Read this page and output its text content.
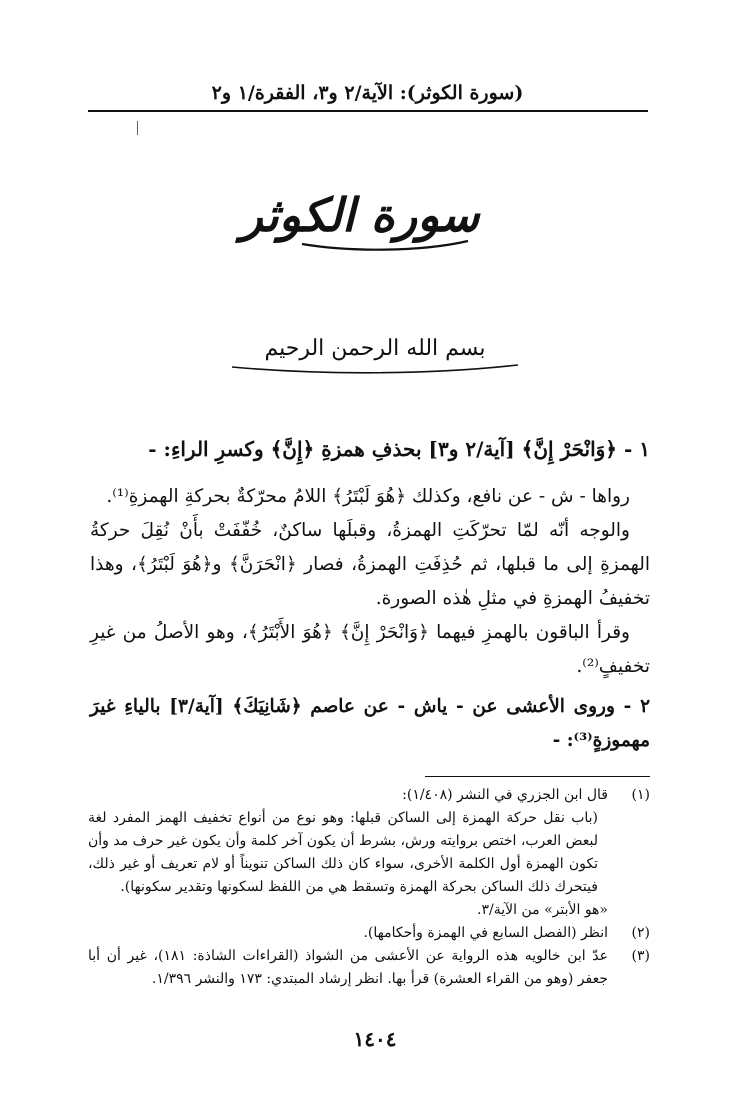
(سورة الكوثر): الآية/٢ و٣، الفقرة/١ و٢
سورة الكوثر
بسم الله الرحمن الرحيم

١ - ﴿وَانْحَرْ إِنَّ﴾ [آية/٢ و٣] بحذفِ همزةِ ﴿إِنَّ﴾ وكسرِ الراءِ: -

رواها - ش - عن نافع، وكذلك ﴿هُوَ لَبْتَرُ﴾ اللامُ محرّكةٌ بحركةِ الهمزةِ⁽¹⁾.

والوجه أنّه لمّا تحرّكَتِ الهمزةُ، وقبلَها ساكنٌ، خُفّفَتْ بأَنْ نُقِلَ حركةُ الهمزةِ إلى ما قبلها، ثم حُذِفَتِ الهمزةُ، فصار ﴿انْحَرَنَّ﴾ و﴿هُوَ لَبْتَرُ﴾، وهذا تخفيفُ الهمزةِ في مثلِ هٰذه الصورة.

وقرأ الباقون بالهمزِ فيهما ﴿وَانْحَرْ إِنَّ﴾ ﴿هُوَ الأَبْتَرُ﴾، وهو الأصلُ من غيرِ تخفيفٍ⁽²⁾.

٢ - وروى الأعشى عن - ياش - عن عاصم ﴿شَانِيَكَ﴾ [آية/٣] بالياءِ غيرَ مهموزةٍ⁽³⁾: -

(١)
قال ابن الجزري في النشر (١/٤٠٨):
(باب نقل حركة الهمزة إلى الساكن قبلها: وهو نوع من أنواع تخفيف الهمز المفرد لغة لبعض العرب، اختص بروايته ورش، بشرط أن يكون آخر كلمة وأن يكون غير حرف مد وأن تكون الهمزة أول الكلمة الأخرى، سواء كان ذلك الساكن تنويناً أو لام تعريف أو غير ذلك، فيتحرك ذلك الساكن بحركة الهمزة وتسقط هي من اللفظ لسكونها وتقدير سكونها).
«هو الأبتر» من الآية/٣.
(٢)
انظر (الفصل السابع في الهمزة وأحكامها).
(٣)
عدّ ابن خالويه هذه الرواية عن الأعشى من الشواذ (القراءات الشاذة: ١٨١)، غير أن أبا جعفر (وهو من القراء العشرة) قرأ بها. انظر إرشاد المبتدي: ١٧٣ والنشر ١/٣٩٦.
١٤٠٤
